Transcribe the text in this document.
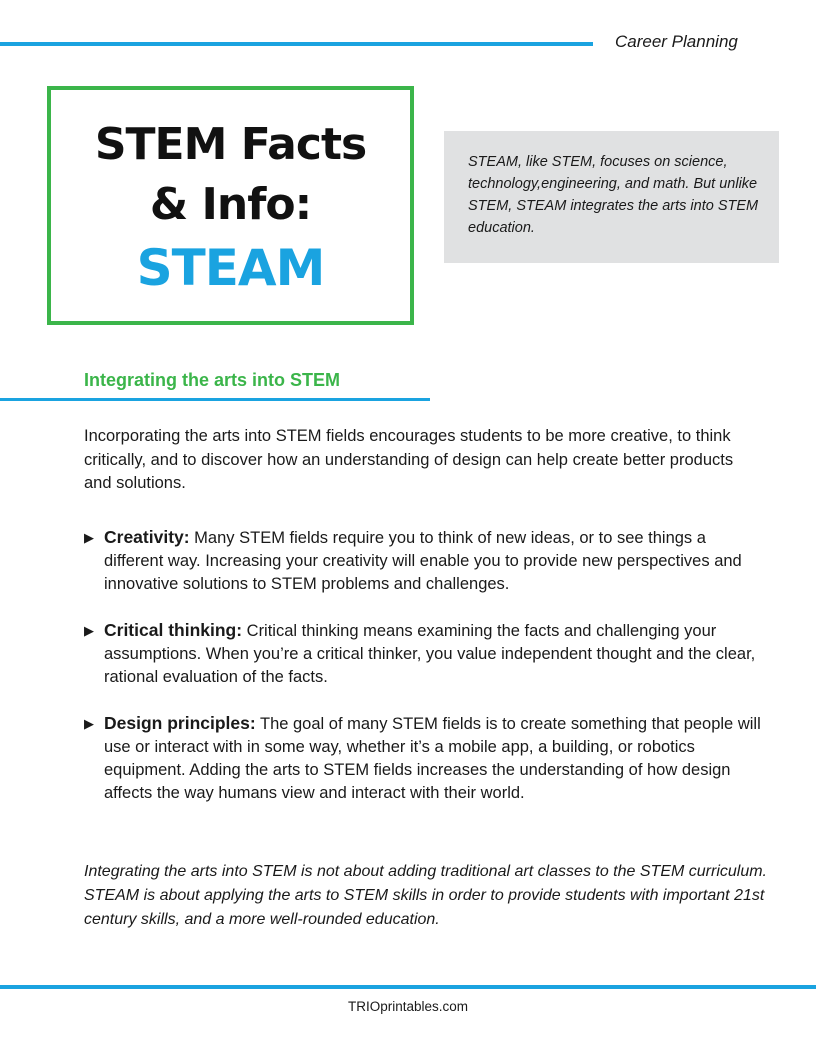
Career Planning
STEM Facts
& Info:
STEAM
STEAM, like STEM, focuses on science, technology,engineering, and math. But unlike STEM, STEAM integrates the arts into STEM education.
Integrating the arts into STEM
Incorporating the arts into STEM fields encourages students to be more creative, to think critically, and to discover how an understanding of design can help create better products and solutions.
▶ Creativity: Many STEM fields require you to think of new ideas, or to see things a different way. Increasing your creativity will enable you to provide new perspectives and innovative solutions to STEM problems and challenges.
▶ Critical thinking: Critical thinking means examining the facts and challenging your assumptions. When you’re a critical thinker, you value independent thought and the clear, rational evaluation of the facts.
▶ Design principles: The goal of many STEM fields is to create something that people will use or interact with in some way, whether it’s a mobile app, a building, or robotics equipment. Adding the arts to STEM fields increases the understanding of how design affects the way humans view and interact with their world.
Integrating the arts into STEM is not about adding traditional art classes to the STEM curriculum. STEAM is about applying the arts to STEM skills in order to provide students with important 21st century skills, and a more well-rounded education.
TRIOprintables.com
